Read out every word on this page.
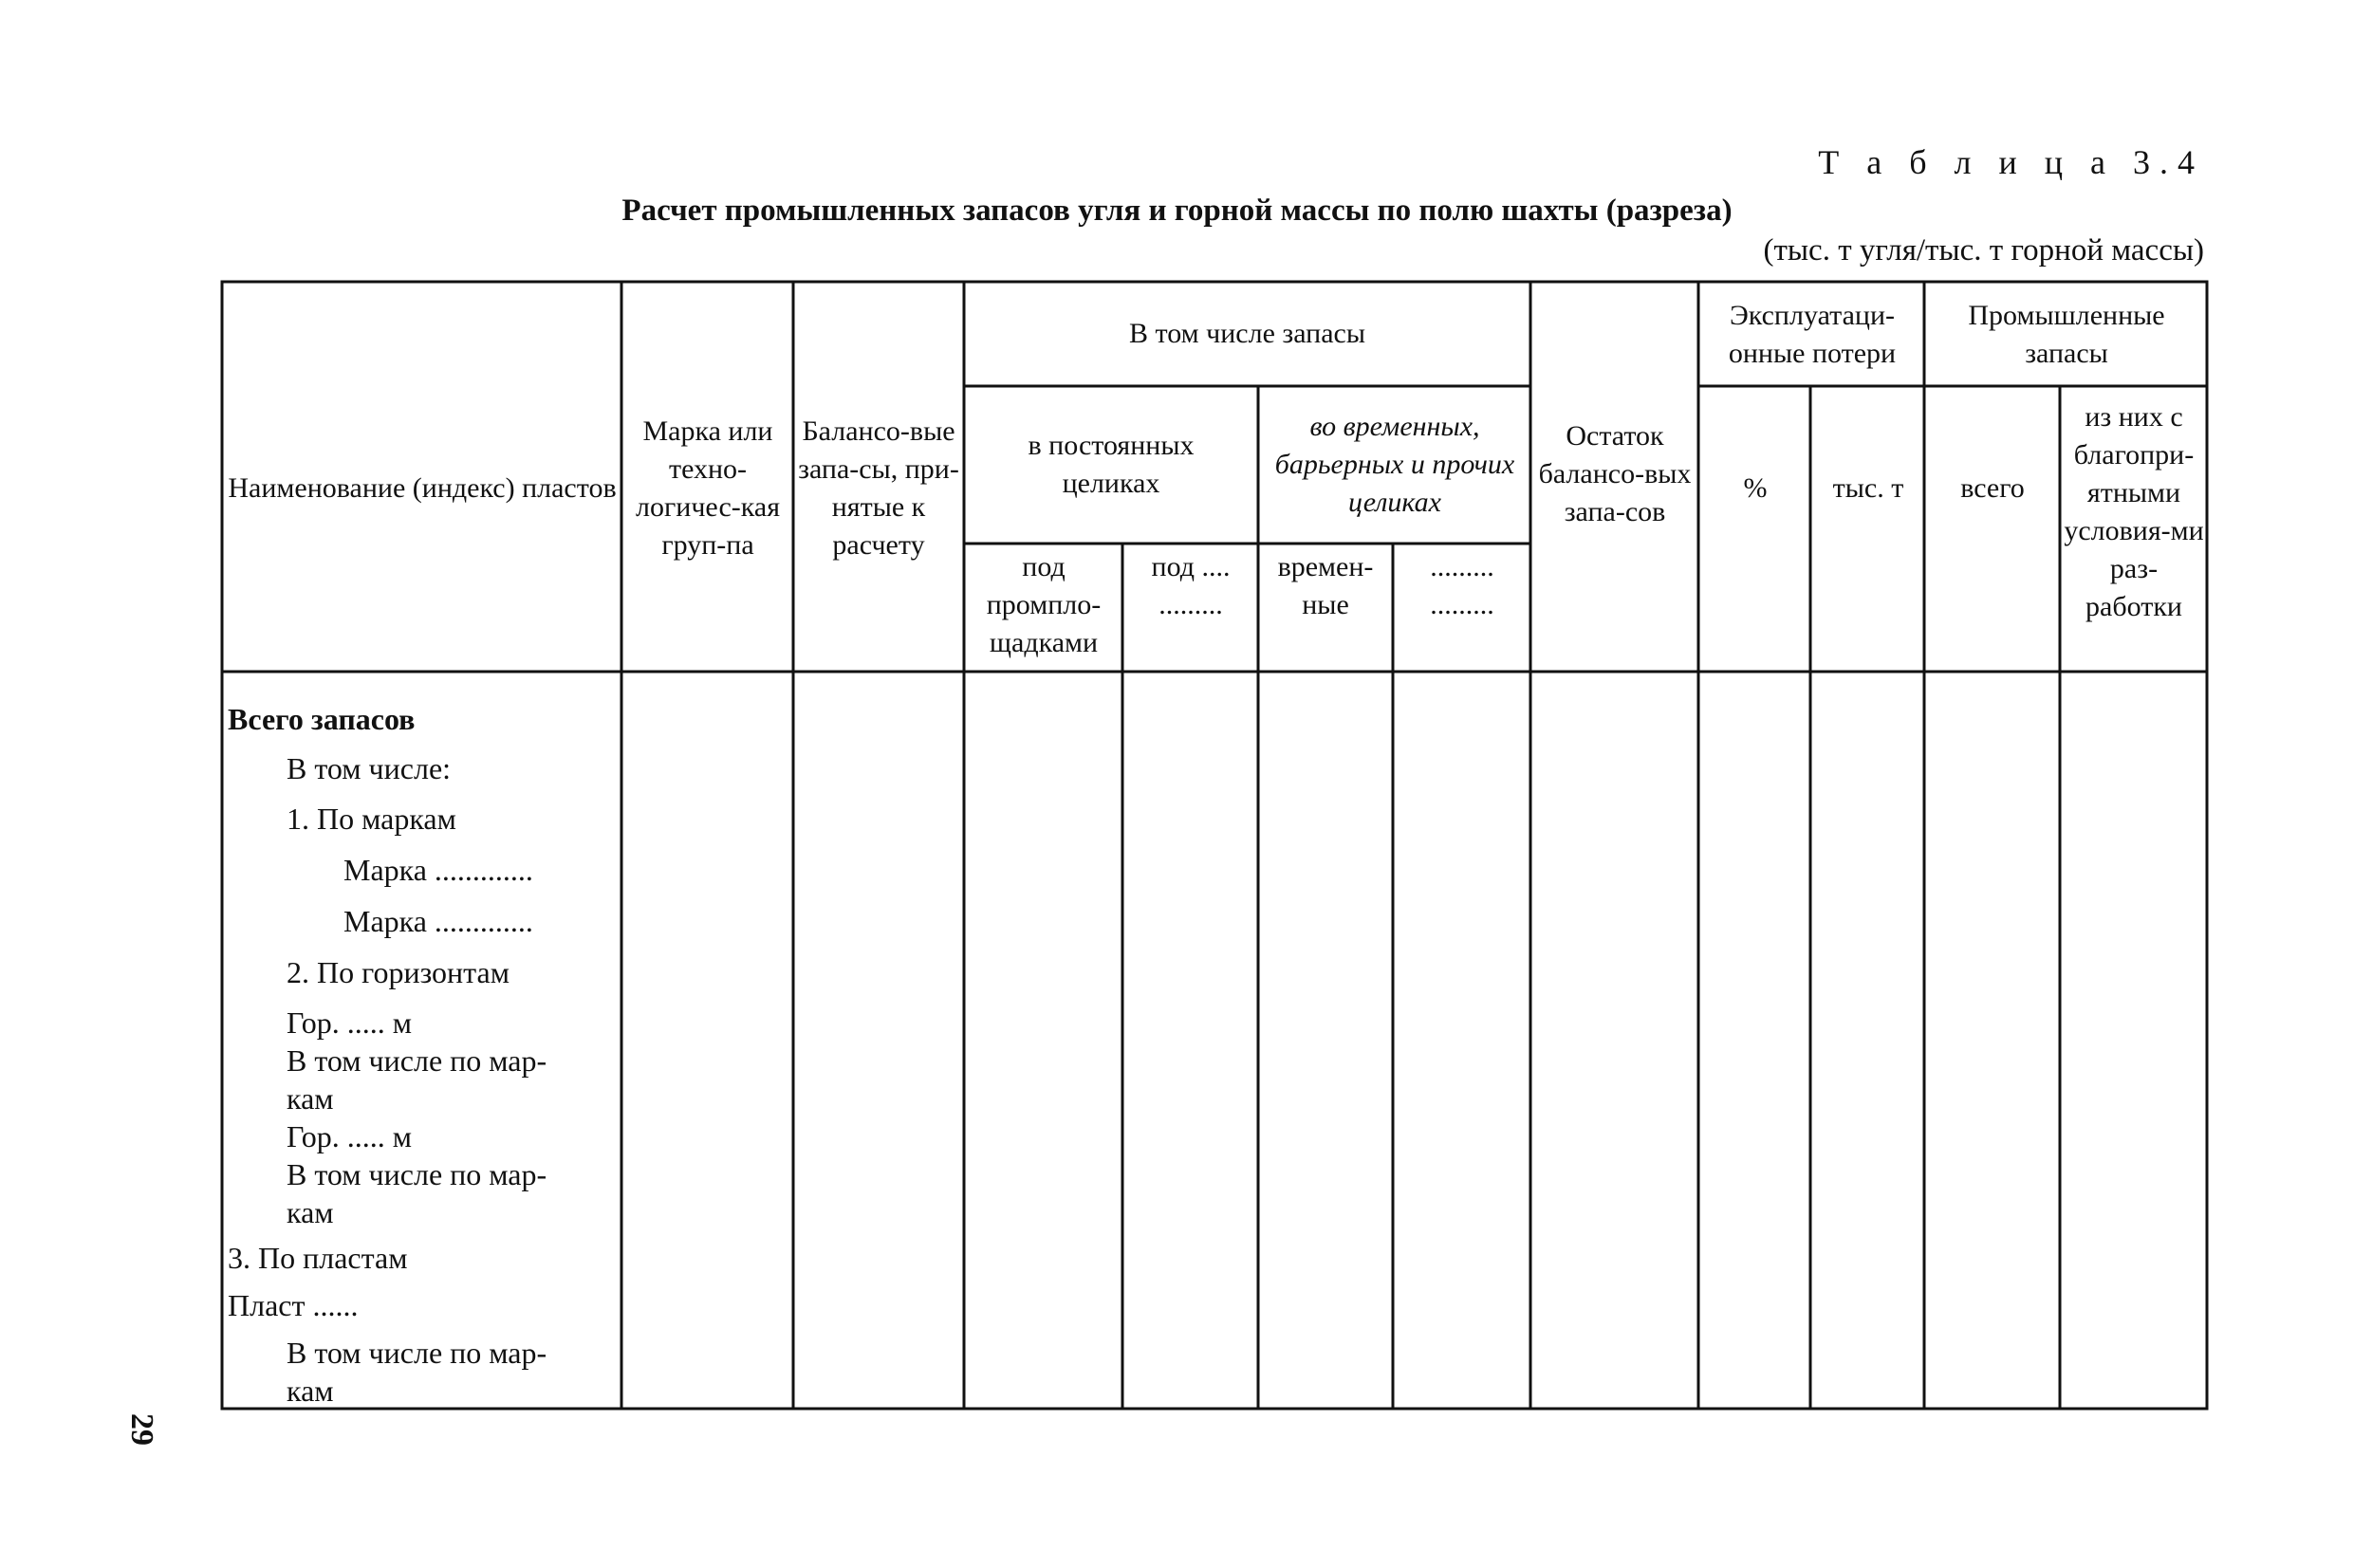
Т а б л и ц а 3.4
Расчет промышленных запасов угля и горной массы по полю шахты (разреза)
(тыс. т угля/тыс. т горной массы)
29
Наименование (индекс) пластов
Марка или техно-логичес-кая груп-па
Балансо-вые запа-сы, при-нятые к расчету
В том числе запасы
в постоянных целиках
во временных, барьерных и прочих целиках
под промпло-щадками
под .... .........
времен-ные
......... .........
Остаток балансо-вых запа-сов
Эксплуатаци-онные потери
%	тыс. т
Промышленные запасы
всего
из них с благопри-ятными условия-ми раз-работки
Всего запасов
В том числе:
1. По маркам
Марка .............
Марка .............
2. По горизонтам
Гор. ..... м
В том числе по мар-
кам
Гор. ..... м
В том числе по мар-
кам
3. По пластам
Пласт ......
В том числе по мар-
кам
